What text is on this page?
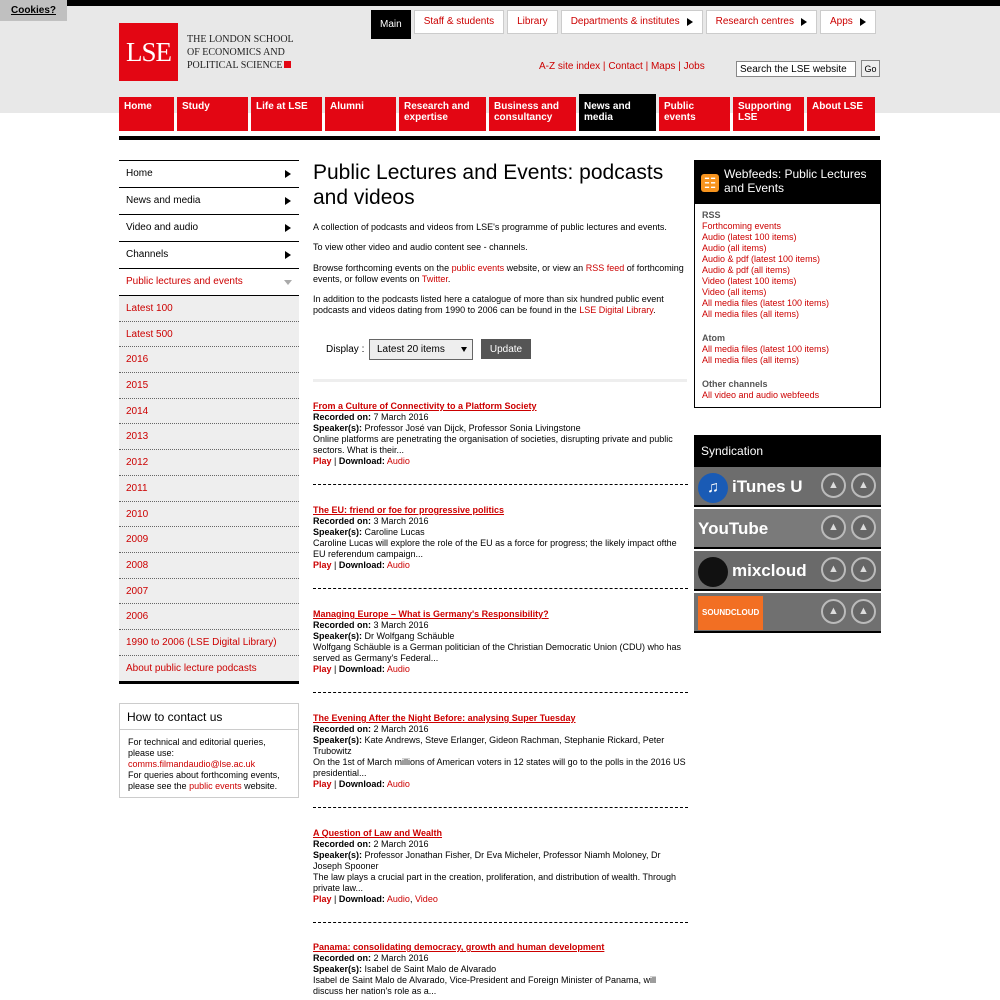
Cookies?
LSE	THE LONDON SCHOOL
OF ECONOMICS AND
POLITICAL SCIENCE
Main Staff & students Library Departments & institutes	Research centres	Apps
A-Z site index | Contact | Maps | Jobs
Search the LSE website	Go
Home	Study	Life at LSE	Alumni	Research and expertise
Business and consultancy
News and media
Public events
Supporting LSE
About LSE
Home
News and media
Video and audio
Channels
Public lectures and events
Latest 100
Latest 500
2016
2015
2014
2013
2012
2011
2010
2009
2008
2007
2006
1990 to 2006 (LSE Digital Library)
About public lecture podcasts
How to contact us
For technical and editorial queries, please use:
comms.filmandaudio@lse.ac.uk
For queries about forthcoming events, please see the public events website.
Public Lectures and Events: podcasts and videos

A collection of podcasts and videos from LSE's programme of public lectures and events.

To view other video and audio content see - channels.

Browse forthcoming events on the public events website, or view an RSS feed of forthcoming events, or follow events on Twitter.

In addition to the podcasts listed here a catalogue of more than six hundred public event podcasts and videos dating from 1990 to 2006 can be found in the LSE Digital Library.

Display :	Latest 20 items	Update
From a Culture of Connectivity to a Platform Society
Recorded on: 7 March 2016
Speaker(s): Professor José van Dijck, Professor Sonia Livingstone
Online platforms are penetrating the organisation of societies, disrupting private and public sectors. What is their...
Play | Download: Audio
The EU: friend or foe for progressive politics
Recorded on: 3 March 2016
Speaker(s): Caroline Lucas
Caroline Lucas will explore the role of the EU as a force for progress; the likely impact ofthe EU referendum campaign...
Play | Download: Audio
Managing Europe – What is Germany's Responsibility?
Recorded on: 3 March 2016
Speaker(s): Dr Wolfgang Schäuble
Wolfgang Schäuble is a German politician of the Christian Democratic Union (CDU) who has served as Germany's Federal...
Play | Download: Audio
The Evening After the Night Before: analysing Super Tuesday
Recorded on: 2 March 2016
Speaker(s): Kate Andrews, Steve Erlanger, Gideon Rachman, Stephanie Rickard, Peter Trubowitz
On the 1st of March millions of American voters in 12 states will go to the polls in the 2016 US presidential...
Play | Download: Audio
A Question of Law and Wealth
Recorded on: 2 March 2016
Speaker(s): Professor Jonathan Fisher, Dr Eva Micheler, Professor Niamh Moloney, Dr Joseph Spooner
The law plays a crucial part in the creation, proliferation, and distribution of wealth. Through private law...
Play | Download: Audio, Video
Panama: consolidating democracy, growth and human development
Recorded on: 2 March 2016
Speaker(s): Isabel de Saint Malo de Alvarado
Isabel de Saint Malo de Alvarado, Vice-President and Foreign Minister of Panama, will discuss her nation's role as a...
☷
Webfeeds: Public Lectures and Events
RSS
Forthcoming events
Audio (latest 100 items)
Audio (all items)
Audio & pdf (latest 100 items)
Audio & pdf (all items)
Video (latest 100 items)
Video (all items)
All media files (latest 100 items)
All media files (all items)
Atom
All media files (latest 100 items)
All media files (all items)
Other channels
All video and audio webfeeds
Syndication
♫ iTunes U	▲	▲
YouTube	▲	▲
mixcloud	▲	▲
SOUNDCLOUD	▲	▲
